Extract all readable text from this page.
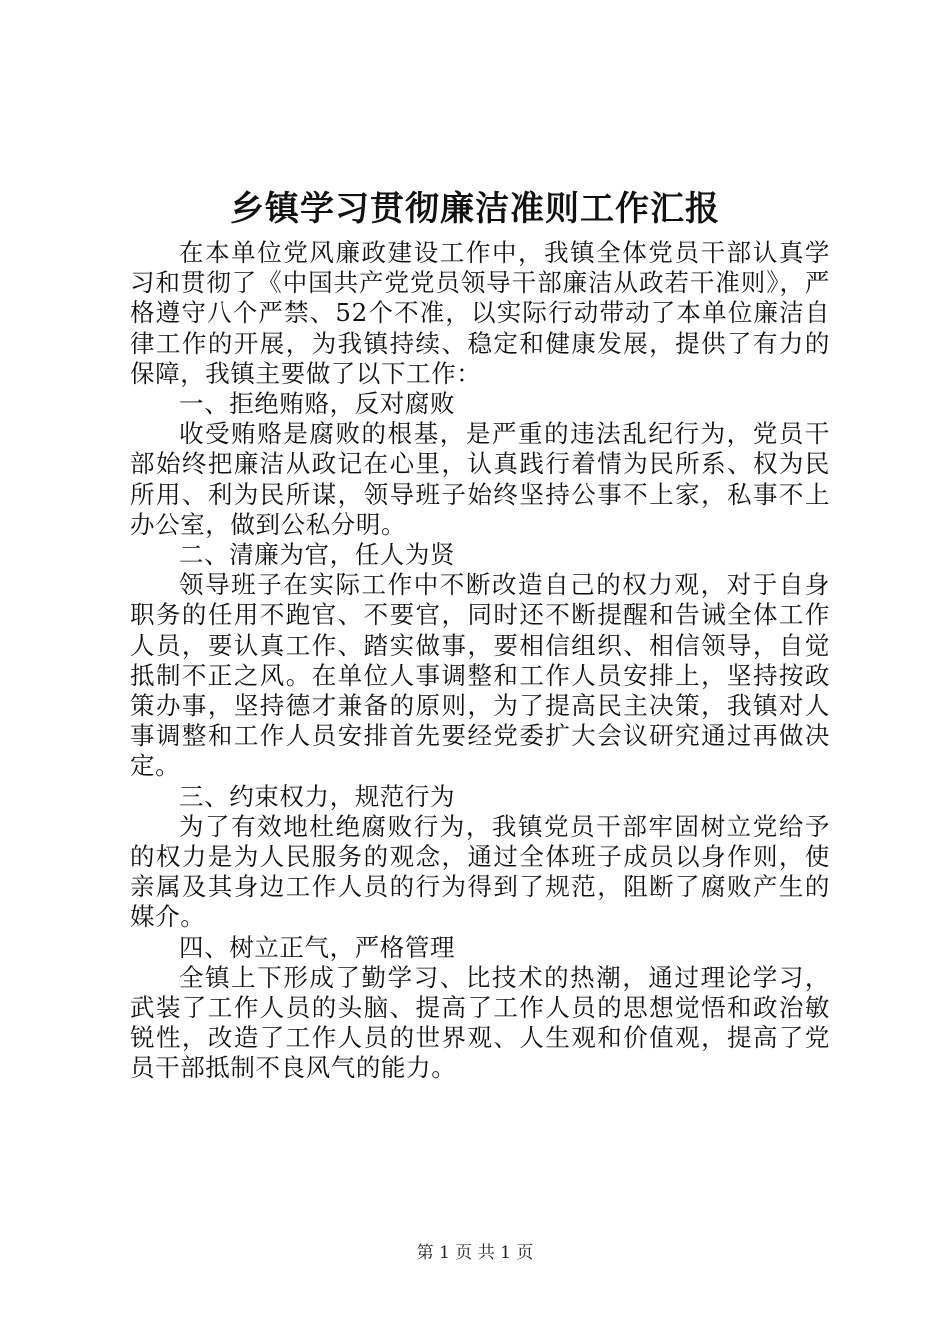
乡镇学习贯彻廉洁准则工作汇报

在本单位党风廉政建设工作中，我镇全体党员干部认真学习和贯彻了《中国共产党党员领导干部廉洁从政若干准则》，严格遵守八个严禁、52个不准，以实际行动带动了本单位廉洁自律工作的开展，为我镇持续、稳定和健康发展，提供了有力的保障，我镇主要做了以下工作：

一、拒绝贿赂，反对腐败

收受贿赂是腐败的根基，是严重的违法乱纪行为，党员干部始终把廉洁从政记在心里，认真践行着情为民所系、权为民所用、利为民所谋，领导班子始终坚持公事不上家，私事不上办公室，做到公私分明。

二、清廉为官，任人为贤

领导班子在实际工作中不断改造自己的权力观，对于自身职务的任用不跑官、不要官，同时还不断提醒和告诫全体工作人员，要认真工作、踏实做事，要相信组织、相信领导，自觉抵制不正之风。在单位人事调整和工作人员安排上，坚持按政策办事，坚持德才兼备的原则，为了提高民主决策，我镇对人事调整和工作人员安排首先要经党委扩大会议研究通过再做决定。

三、约束权力，规范行为

为了有效地杜绝腐败行为，我镇党员干部牢固树立党给予的权力是为人民服务的观念，通过全体班子成员以身作则，使亲属及其身边工作人员的行为得到了规范，阻断了腐败产生的媒介。

四、树立正气，严格管理

全镇上下形成了勤学习、比技术的热潮，通过理论学习，武装了工作人员的头脑、提高了工作人员的思想觉悟和政治敏锐性，改造了工作人员的世界观、人生观和价值观，提高了党员干部抵制不良风气的能力。

第 1 页 共 1 页
